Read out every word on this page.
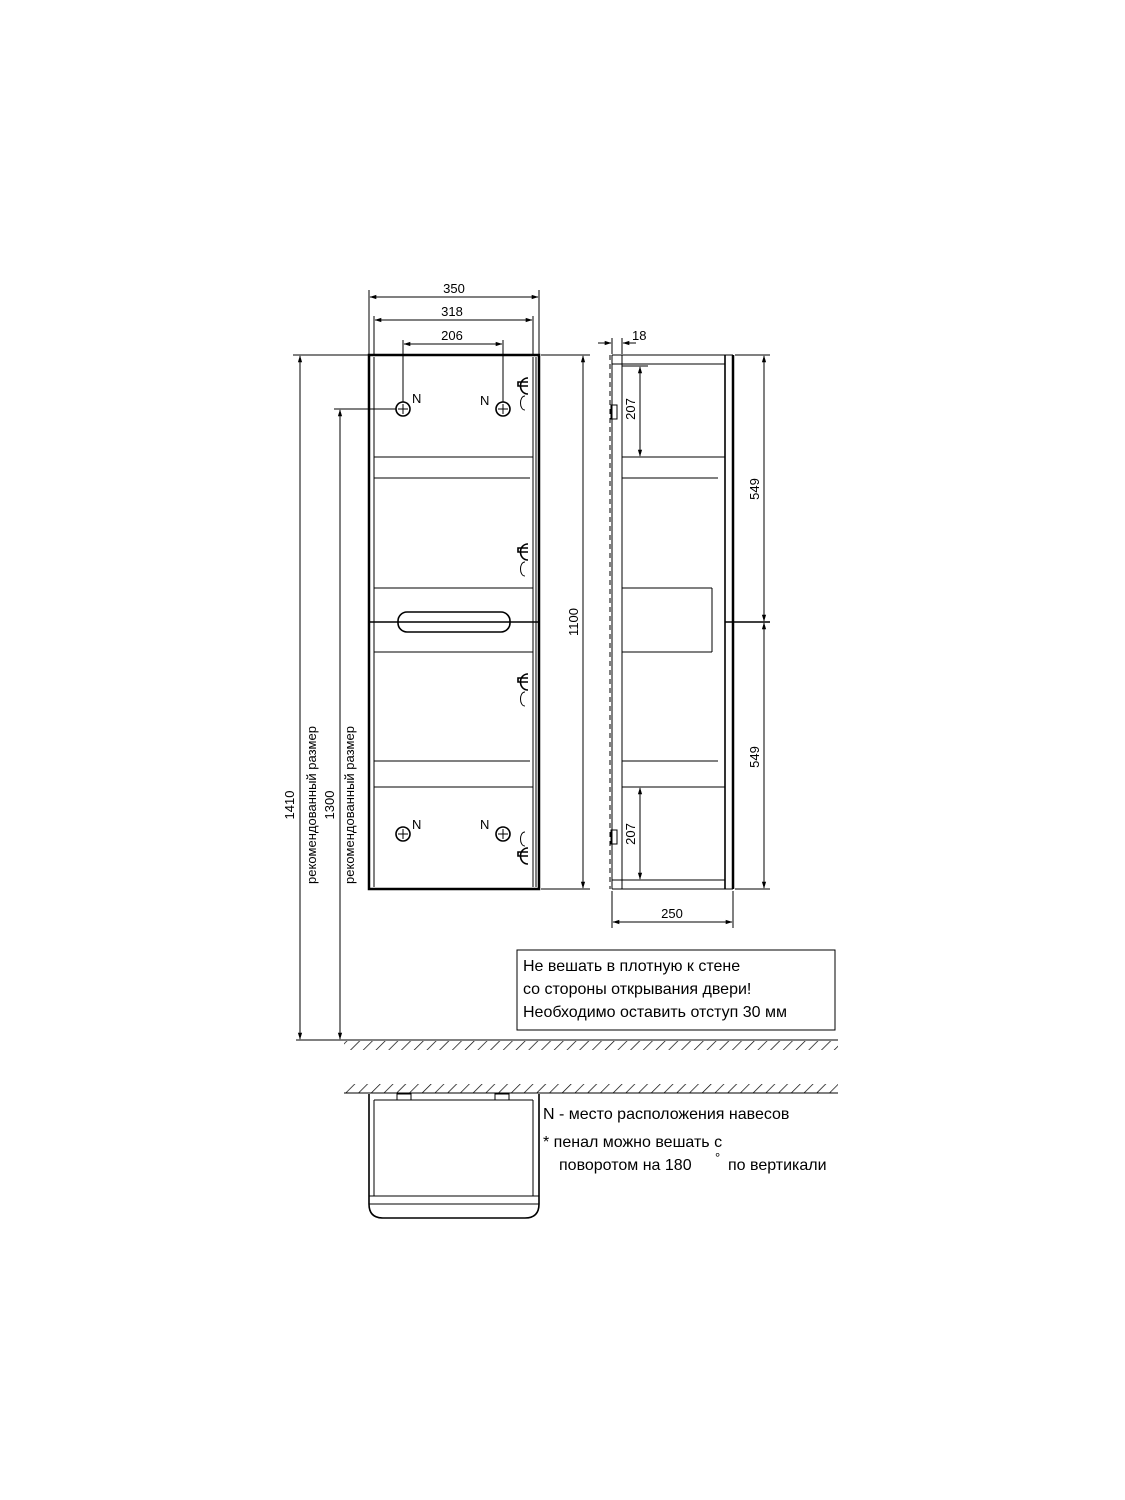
N	N
N	N
350
318
206
1100
1410 рекомендованный размер 1300 рекомендованный размер
18
207
207
549
549
250
Не вешать в плотную к стене
со стороны открывания двери!
Необходимо оставить отступ 30 мм
N - место расположения навесов
* пенал можно вешать с
поворотом на 180 ° по вертикали
